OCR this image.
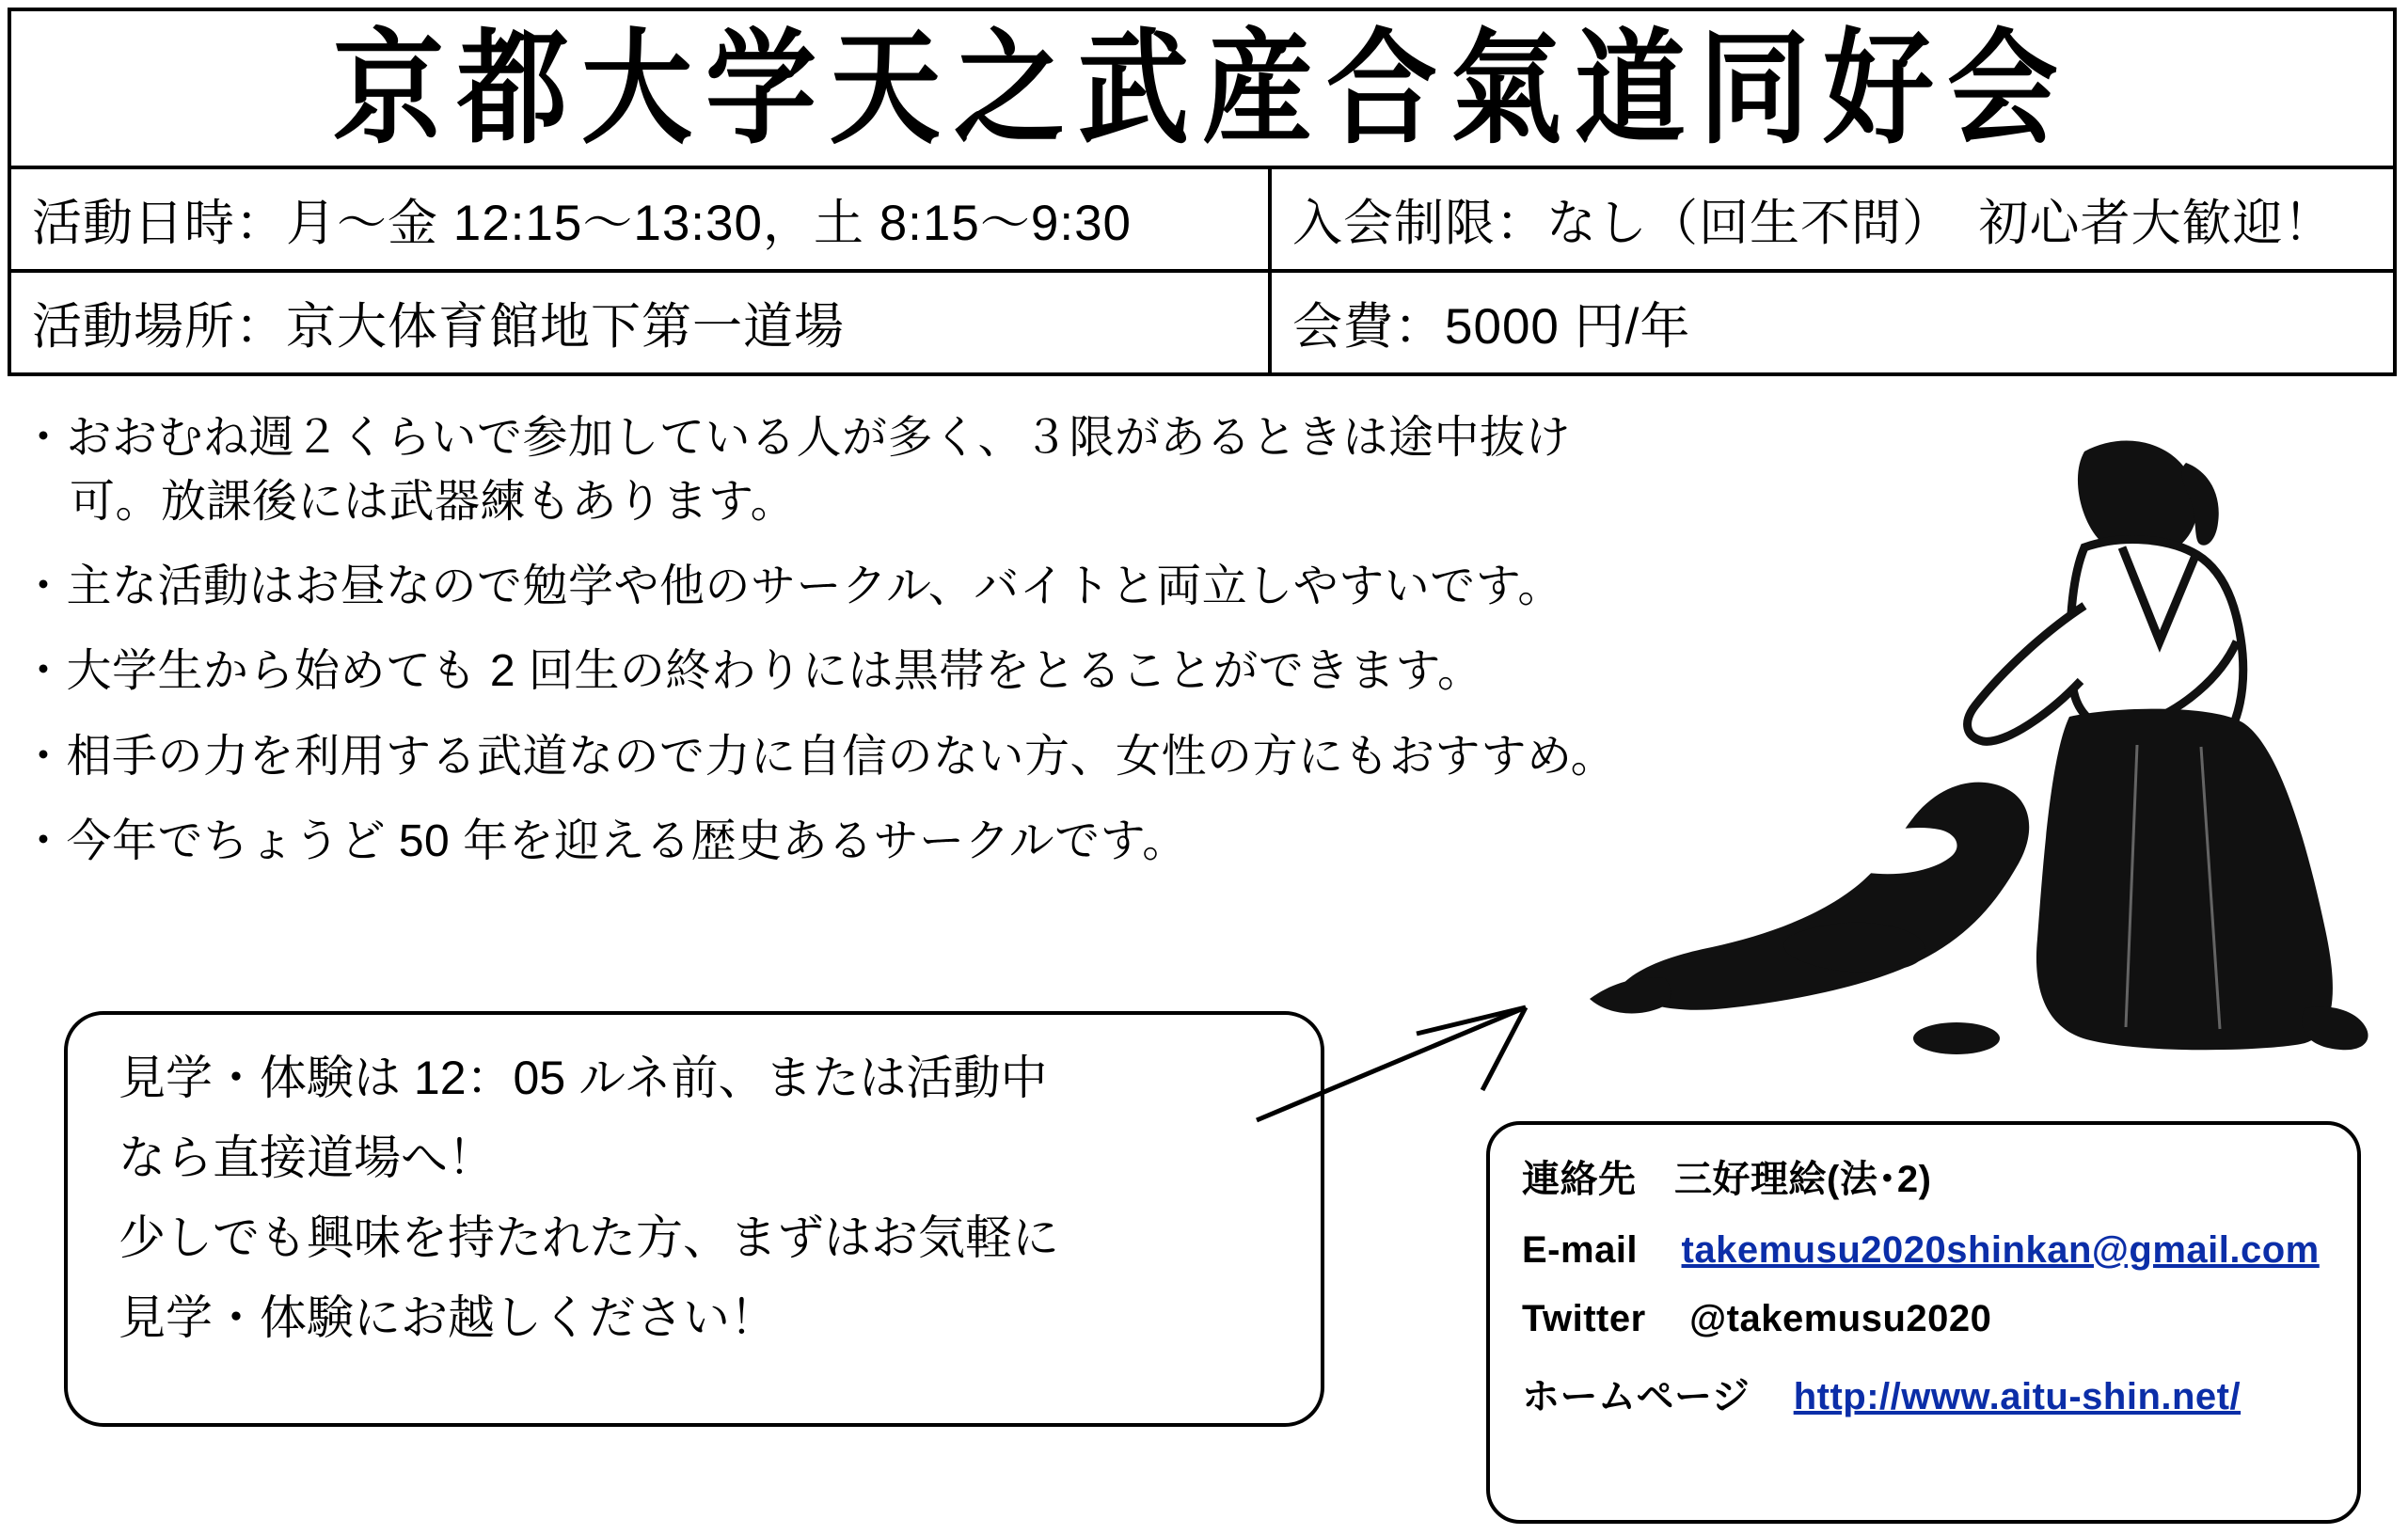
京都大学天之武産合氣道同好会
活動日時：月〜金 12:15〜13:30，土 8:15〜9:30
活動場所：京大体育館地下第一道場
入会制限：なし（回生不問）　初心者大歓迎！
会費：5000 円/年
・おおむね週２くらいで参加している人が多く、３限があるときは途中抜け
可。放課後には武器練もあります。
・主な活動はお昼なので勉学や他のサークル、バイトと両立しやすいです。
・大学生から始めても 2 回生の終わりには黒帯をとることができます。
・相手の力を利用する武道なので力に自信のない方、女性の方にもおすすめ。
・今年でちょうど 50 年を迎える歴史あるサークルです。

見学・体験は 12：05 ルネ前、または活動中

なら直接道場へ！

少しでも興味を持たれた方、まずはお気軽に

見学・体験にお越しください！

連絡先　三好理絵(法･2)
E-mail takemusu2020shinkan@gmail.com
Twitter @takemusu2020
ホームページ http://www.aitu-shin.net/
